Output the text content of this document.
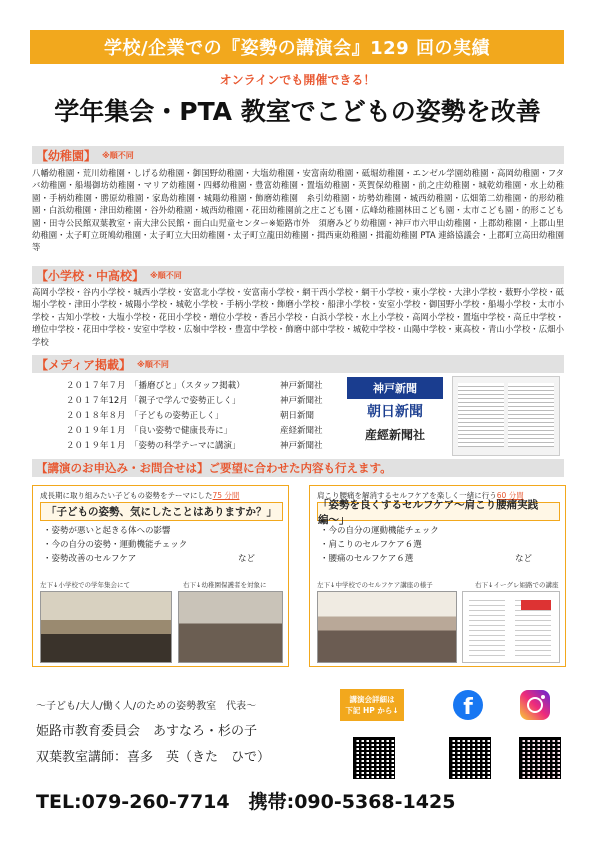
学校/企業での『姿勢の講演会』129 回の実績
オンラインでも開催できる！
学年集会・PTA 教室でこどもの姿勢を改善
【幼稚園】 ※順不同
八幡幼稚園・荒川幼稚園・しげる幼稚園・御国野幼稚園・大塩幼稚園・安富南幼稚園・砥堀幼稚園・エンゼル学園幼稚園・高岡幼稚園・フタバ幼稚園・船場御坊幼稚園・マリア幼稚園・四郷幼稚園・豊富幼稚園・置塩幼稚園・英賀保幼稚園・前之庄幼稚園・城乾幼稚園・水上幼稚園・手柄幼稚園・勝原幼稚園・家島幼稚園・城陽幼稚園・飾磨幼稚園　糸引幼稚園・坊勢幼稚園・城西幼稚園・広畑第二幼稚園・的形幼稚園・白浜幼稚園・津田幼稚園・谷外幼稚園・城西幼稚園・花田幼稚園前之庄こども園・広峰幼稚園林田こども園・太市こども園・的形こども園・田寺公民館双葉教室・南大津公民館・面白山児童センター※姫路市外　須磨みどり幼稚園・神戸市六甲山幼稚園・上郡幼稚園・上郡山里幼稚園・太子町立斑鳩幼稚園・太子町立大田幼稚園・太子町立龍田幼稚園・揖西東幼稚園・揖龍幼稚園 PTA 連絡協議会・上郡町立高田幼稚園　等
【小学校・中高校】 ※順不同
高岡小学校・谷内小学校・城西小学校・安富北小学校・安富南小学校・網干西小学校・網干小学校・東小学校・大津小学校・薮野小学校・砥堀小学校・津田小学校・城陽小学校・城乾小学校・手柄小学校・飾磨小学校・船津小学校・安室小学校・御国野小学校・船場小学校・太市小学校・古知小学校・大塩小学校・花田小学校・増位小学校・香呂小学校・白浜小学校・水上小学校・高岡小学校・置塩中学校・高丘中学校・増位中学校・花田中学校・安室中学校・広嶺中学校・豊富中学校・飾磨中部中学校・城乾中学校・山陽中学校・東高校・青山小学校・広畑小学校
【メディア掲載】 ※順不同
２０１７年７月 「播磨びと」（スタッフ掲載）	神戸新聞社
２０１７年12月 「親子で学んで姿勢正しく」	神戸新聞社
２０１８年８月 「子どもの姿勢正しく」	朝日新聞
２０１９年１月 「良い姿勢で健康長寿に」	産経新聞社
２０１９年１月 「姿勢の科学テーマに講演」	神戸新聞社
神戸新聞
朝日新聞
産經新聞社
【講演のお申込み・お問合せは】ご要望に合わせた内容も行えます。
成長期に取り組みたい子どもの姿勢をテーマにした75 分間
「子どもの姿勢、気にしたことはありますか？」
・姿勢が悪いと起きる体への影響
・今の自分の姿勢・運動機能チェック
・姿勢改善のセルフケア	など
左下↓小学校での学年集会にて	右下↓幼稚園保護者を対象に
肩こり腰痛を解消するセルフケアを楽しく一緒に行う60 分間
「姿勢を良くするセルフケア〜肩こり腰痛実践編〜」
・今の自分の運動機能チェック
・肩こりのセルフケア６選
・腰痛のセルフケア６選	など
左下↓中学校でのセルフケア講座の様子	右下↓イーグレ姫路での講座
〜子ども/大人/働く人/のための姿勢教室　代表〜
姫路市教育委員会　あすなろ・杉の子
双葉教室講師：喜多　英（きた　ひで）
TEL:079-260-7714　携帯:090-5368-1425
講演会詳細は
下記 HP から↓	f
